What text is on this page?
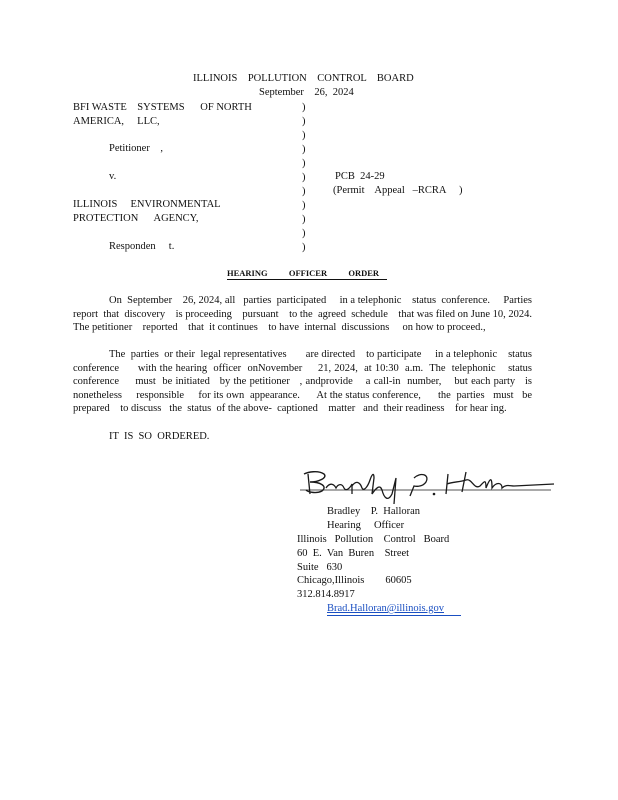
ILLINOIS    POLLUTION    CONTROL    BOARD
September    26,  2024
BFI WASTE    SYSTEMS      OF NORTH
AMERICA,     LLC,
Petitioner    ,
v.
ILLINOIS     ENVIRONMENTAL
PROTECTION      AGENCY,
Responden     t.
)
)
)
)
)
)
)
)
)
)
)
PCB  24-29
(Permit    Appeal   –RCRA     )
HEARING          OFFICER          ORDER
On  September    26, 2024, all   parties  participated     in a telephonic    status  conference.     Parties report  that  discovery    is proceeding    pursuant    to the  agreed  schedule    that was filed on June 10, 2024. The petitioner    reported    that  it continues    to have  internal  discussions     on how to proceed.,
The  parties  or their  legal representatives       are directed    to participate     in a telephonic    status conference      with the hearing  officer  onNovember     21, 2024,  at 10:30  a.m.  The  telephonic    status conference     must  be initiated   by the petitioner   , andprovide    a call-in  number,    but each party   is nonetheless     responsible     for its own  appearance.      At the status conference,      the  parties   must   be prepared    to discuss   the  status  of the above-  captioned    matter   and  their readiness    for hear ing.
IT  IS  SO  ORDERED.
Bradley    P.  Halloran
Hearing     Officer
Illinois   Pollution    Control   Board
60  E.  Van  Buren    Street
Suite   630
Chicago,Illinois        60605
312.814.8917
Brad.Halloran@illinois.gov
